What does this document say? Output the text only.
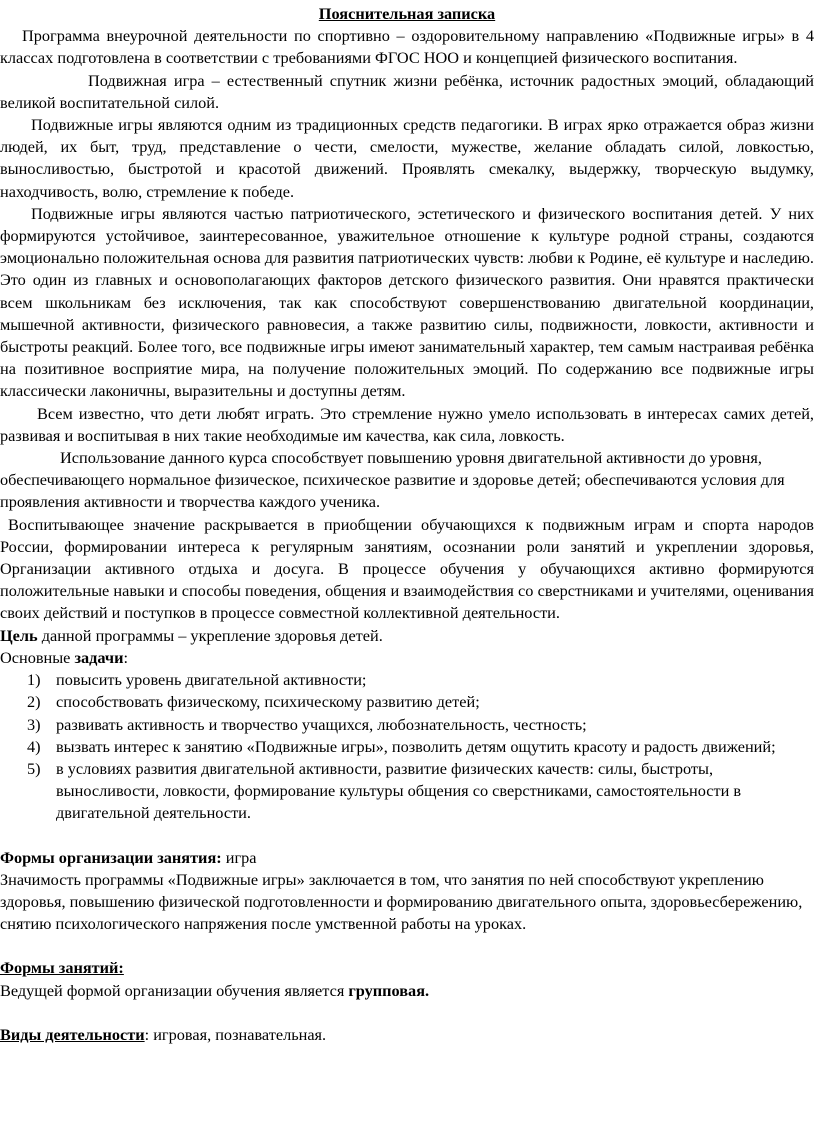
Пояснительная записка

Программа внеурочной деятельности по спортивно – оздоровительному направлению «Подвижные игры» в 4 классах подготовлена в соответствии с требованиями ФГОС НОО и концепцией физического воспитания.

Подвижная игра – естественный спутник жизни ребёнка, источник радостных эмоций, обладающий великой воспитательной силой.

Подвижные игры являются одним из традиционных средств педагогики. В играх ярко отражается образ жизни людей, их быт, труд, представление о чести, смелости, мужестве, желание обладать силой, ловкостью, выносливостью, быстротой и красотой движений. Проявлять смекалку, выдержку, творческую выдумку, находчивость, волю, стремление к победе.

Подвижные игры являются частью патриотического, эстетического и физического воспитания детей. У них формируются устойчивое, заинтересованное, уважительное отношение к культуре родной страны, создаются эмоционально положительная основа для развития патриотических чувств: любви к Родине, её культуре и наследию. Это один из главных и основополагающих факторов детского физического развития. Они нравятся практически всем школьникам без исключения, так как способствуют совершенствованию двигательной координации, мышечной активности, физического равновесия, а также развитию силы, подвижности, ловкости, активности и быстроты реакций. Более того, все подвижные игры имеют занимательный характер, тем самым настраивая ребёнка на позитивное восприятие мира, на получение положительных эмоций. По содержанию все подвижные игры классически лаконичны, выразительны и доступны детям.

Всем известно, что дети любят играть. Это стремление нужно умело использовать в интересах самих детей, развивая и воспитывая в них такие необходимые им качества, как сила, ловкость.

Использование данного курса способствует повышению уровня двигательной активности до уровня, обеспечивающего нормальное физическое, психическое развитие и здоровье детей; обеспечиваются условия для проявления активности и творчества каждого ученика.

Воспитывающее значение раскрывается в приобщении обучающихся к подвижным играм и спорта народов России, формировании интереса к регулярным занятиям, осознании роли занятий и укреплении здоровья, Организации активного отдыха и досуга. В процессе обучения у обучающихся активно формируются положительные навыки и способы поведения, общения и взаимодействия со сверстниками и учителями, оценивания своих действий и поступков в процессе совместной коллективной деятельности.

Цель данной программы – укрепление здоровья детей.

Основные задачи:

1) повысить уровень двигательной активности;
2) способствовать физическому, психическому развитию детей;
3) развивать активность и творчество учащихся, любознательность, честность;
4) вызвать интерес к занятию «Подвижные игры», позволить детям ощутить красоту и радость движений;
5) в условиях развития двигательной активности, развитие физических качеств: силы, быстроты, выносливости, ловкости, формирование культуры общения со сверстниками, самостоятельности в двигательной деятельности.

Формы организации занятия: игра

Значимость программы «Подвижные игры» заключается в том, что занятия по ней способствуют укреплению здоровья, повышению физической подготовленности и формированию двигательного опыта, здоровьесбережению, снятию психологического напряжения после умственной работы на уроках.

Формы занятий:

Ведущей формой организации обучения является групповая.

Виды деятельности: игровая, познавательная.
